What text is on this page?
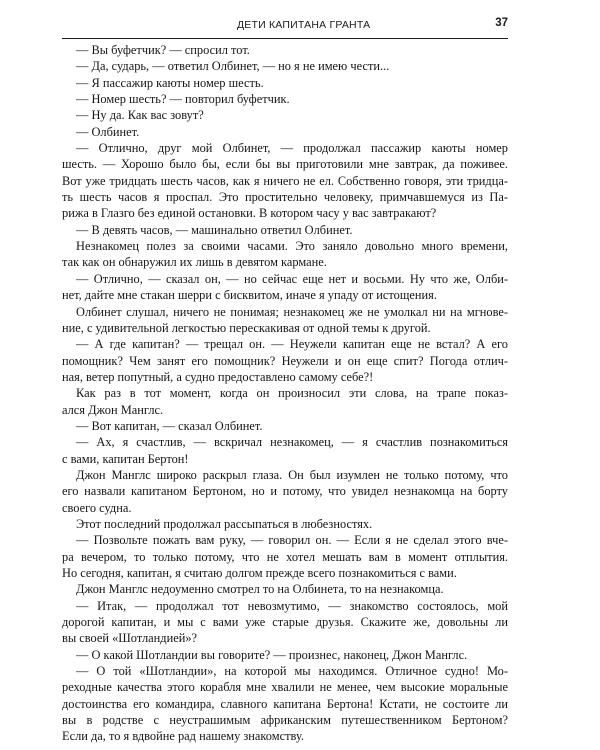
ДЕТИ КАПИТАНА ГРАНТА	37
— Вы буфетчик? — спросил тот.
— Да, сударь, — ответил Олбинет, — но я не имею чести...
— Я пассажир каюты номер шесть.
— Номер шесть? — повторил буфетчик.
— Ну да. Как вас зовут?
— Олбинет.
— Отлично, друг мой Олбинет, — продолжал пассажир каюты номер
шесть. — Хорошо было бы, если бы вы приготовили мне завтрак, да поживее.
Вот уже тридцать шесть часов, как я ничего не ел. Собственно говоря, эти тридца-
ть шесть часов я проспал. Это простительно человеку, примчавшемуся из Па-
рижа в Глазго без единой остановки. В котором часу у вас завтракают?
— В девять часов, — машинально ответил Олбинет.
Незнакомец полез за своими часами. Это заняло довольно много времени,
так как он обнаружил их лишь в девятом кармане.
— Отлично, — сказал он, — но сейчас еще нет и восьми. Ну что же, Олби-
нет, дайте мне стакан шерри с бисквитом, иначе я упаду от истощения.
Олбинет слушал, ничего не понимая; незнакомец же не умолкал ни на мгнове-
ние, с удивительной легкостью перескакивая от одной темы к другой.
— А где капитан? — трещал он. — Неужели капитан еще не встал? А его
помощник? Чем занят его помощник? Неужели и он еще спит? Погода отлич-
ная, ветер попутный, а судно предоставлено самому себе?!
Как раз в тот момент, когда он произносил эти слова, на трапе показ-
ался Джон Манглс.
— Вот капитан, — сказал Олбинет.
— Ах, я счастлив, — вскричал незнакомец, — я счастлив познакомиться
с вами, капитан Бертон!
Джон Манглс широко раскрыл глаза. Он был изумлен не только потому, что
его назвали капитаном Бертоном, но и потому, что увидел незнакомца на борту
своего судна.
Этот последний продолжал рассыпаться в любезностях.
— Позвольте пожать вам руку, — говорил он. — Если я не сделал этого вче-
ра вечером, то только потому, что не хотел мешать вам в момент отплытия.
Но сегодня, капитан, я считаю долгом прежде всего познакомиться с вами.
Джон Манглс недоуменно смотрел то на Олбинета, то на незнакомца.
— Итак, — продолжал тот невозмутимо, — знакомство состоялось, мой
дорогой капитан, и мы с вами уже старые друзья. Скажите же, довольны ли
вы своей «Шотландией»?
— О какой Шотландии вы говорите? — произнес, наконец, Джон Манглс.
— О той «Шотландии», на которой мы находимся. Отличное судно! Мо-
реходные качества этого корабля мне хвалили не менее, чем высокие моральные
достоинства его командира, славного капитана Бертона! Кстати, не состоите ли
вы в родстве с неустрашимым африканским путешественником Бертоном?
Если да, то я вдвойне рад нашему знакомству.
